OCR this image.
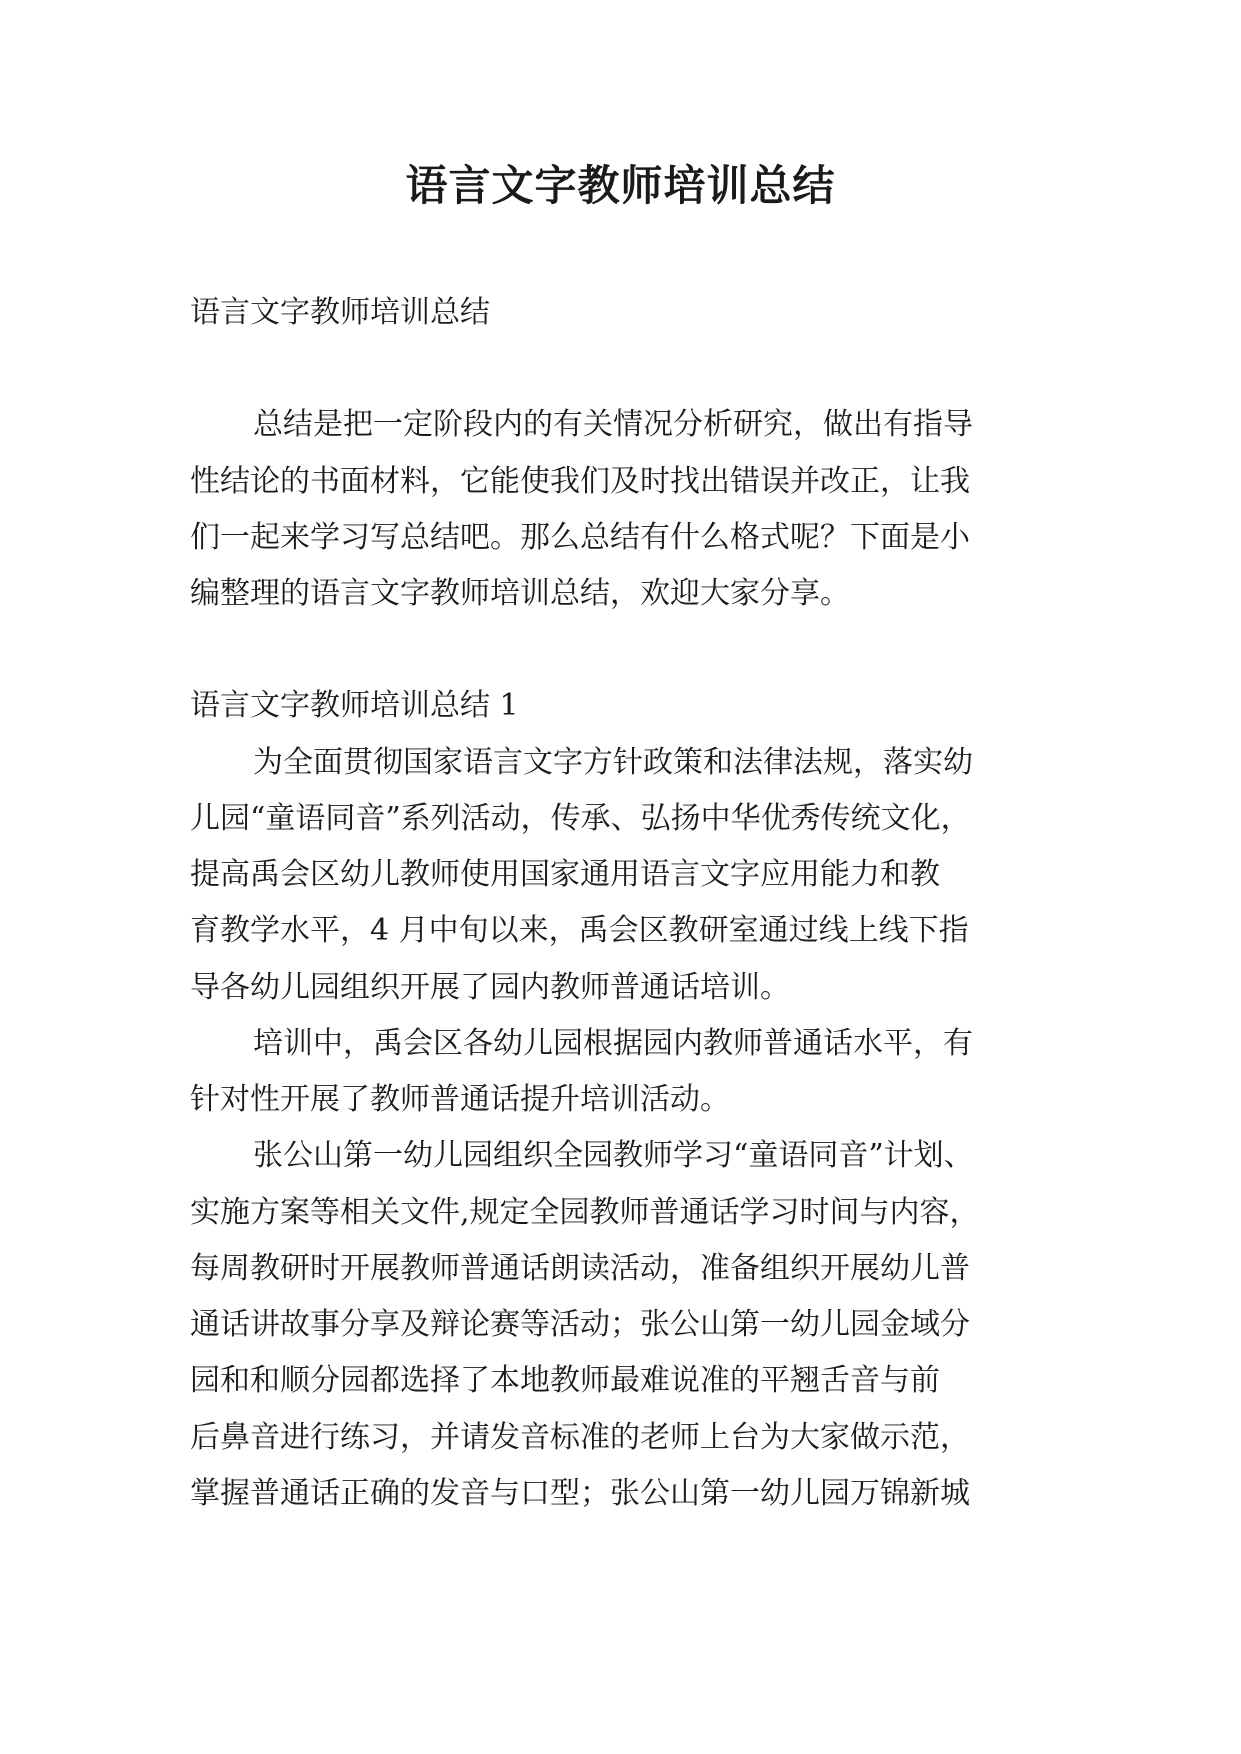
语言文字教师培训总结
语言文字教师培训总结
总结是把一定阶段内的有关情况分析研究，做出有指导
性结论的书面材料，它能使我们及时找出错误并改正，让我
们一起来学习写总结吧。那么总结有什么格式呢？下面是小
编整理的语言文字教师培训总结，欢迎大家分享。
语言文字教师培训总结 1
为全面贯彻国家语言文字方针政策和法律法规，落实幼
儿园“童语同音”系列活动，传承、弘扬中华优秀传统文化，
提高禹会区幼儿教师使用国家通用语言文字应用能力和教
育教学水平，4 月中旬以来，禹会区教研室通过线上线下指
导各幼儿园组织开展了园内教师普通话培训。
培训中，禹会区各幼儿园根据园内教师普通话水平，有
针对性开展了教师普通话提升培训活动。
张公山第一幼儿园组织全园教师学习“童语同音”计划、
实施方案等相关文件,规定全园教师普通话学习时间与内容，
每周教研时开展教师普通话朗读活动，准备组织开展幼儿普
通话讲故事分享及辩论赛等活动；张公山第一幼儿园金域分
园和和顺分园都选择了本地教师最难说准的平翘舌音与前
后鼻音进行练习，并请发音标准的老师上台为大家做示范，
掌握普通话正确的发音与口型；张公山第一幼儿园万锦新城
